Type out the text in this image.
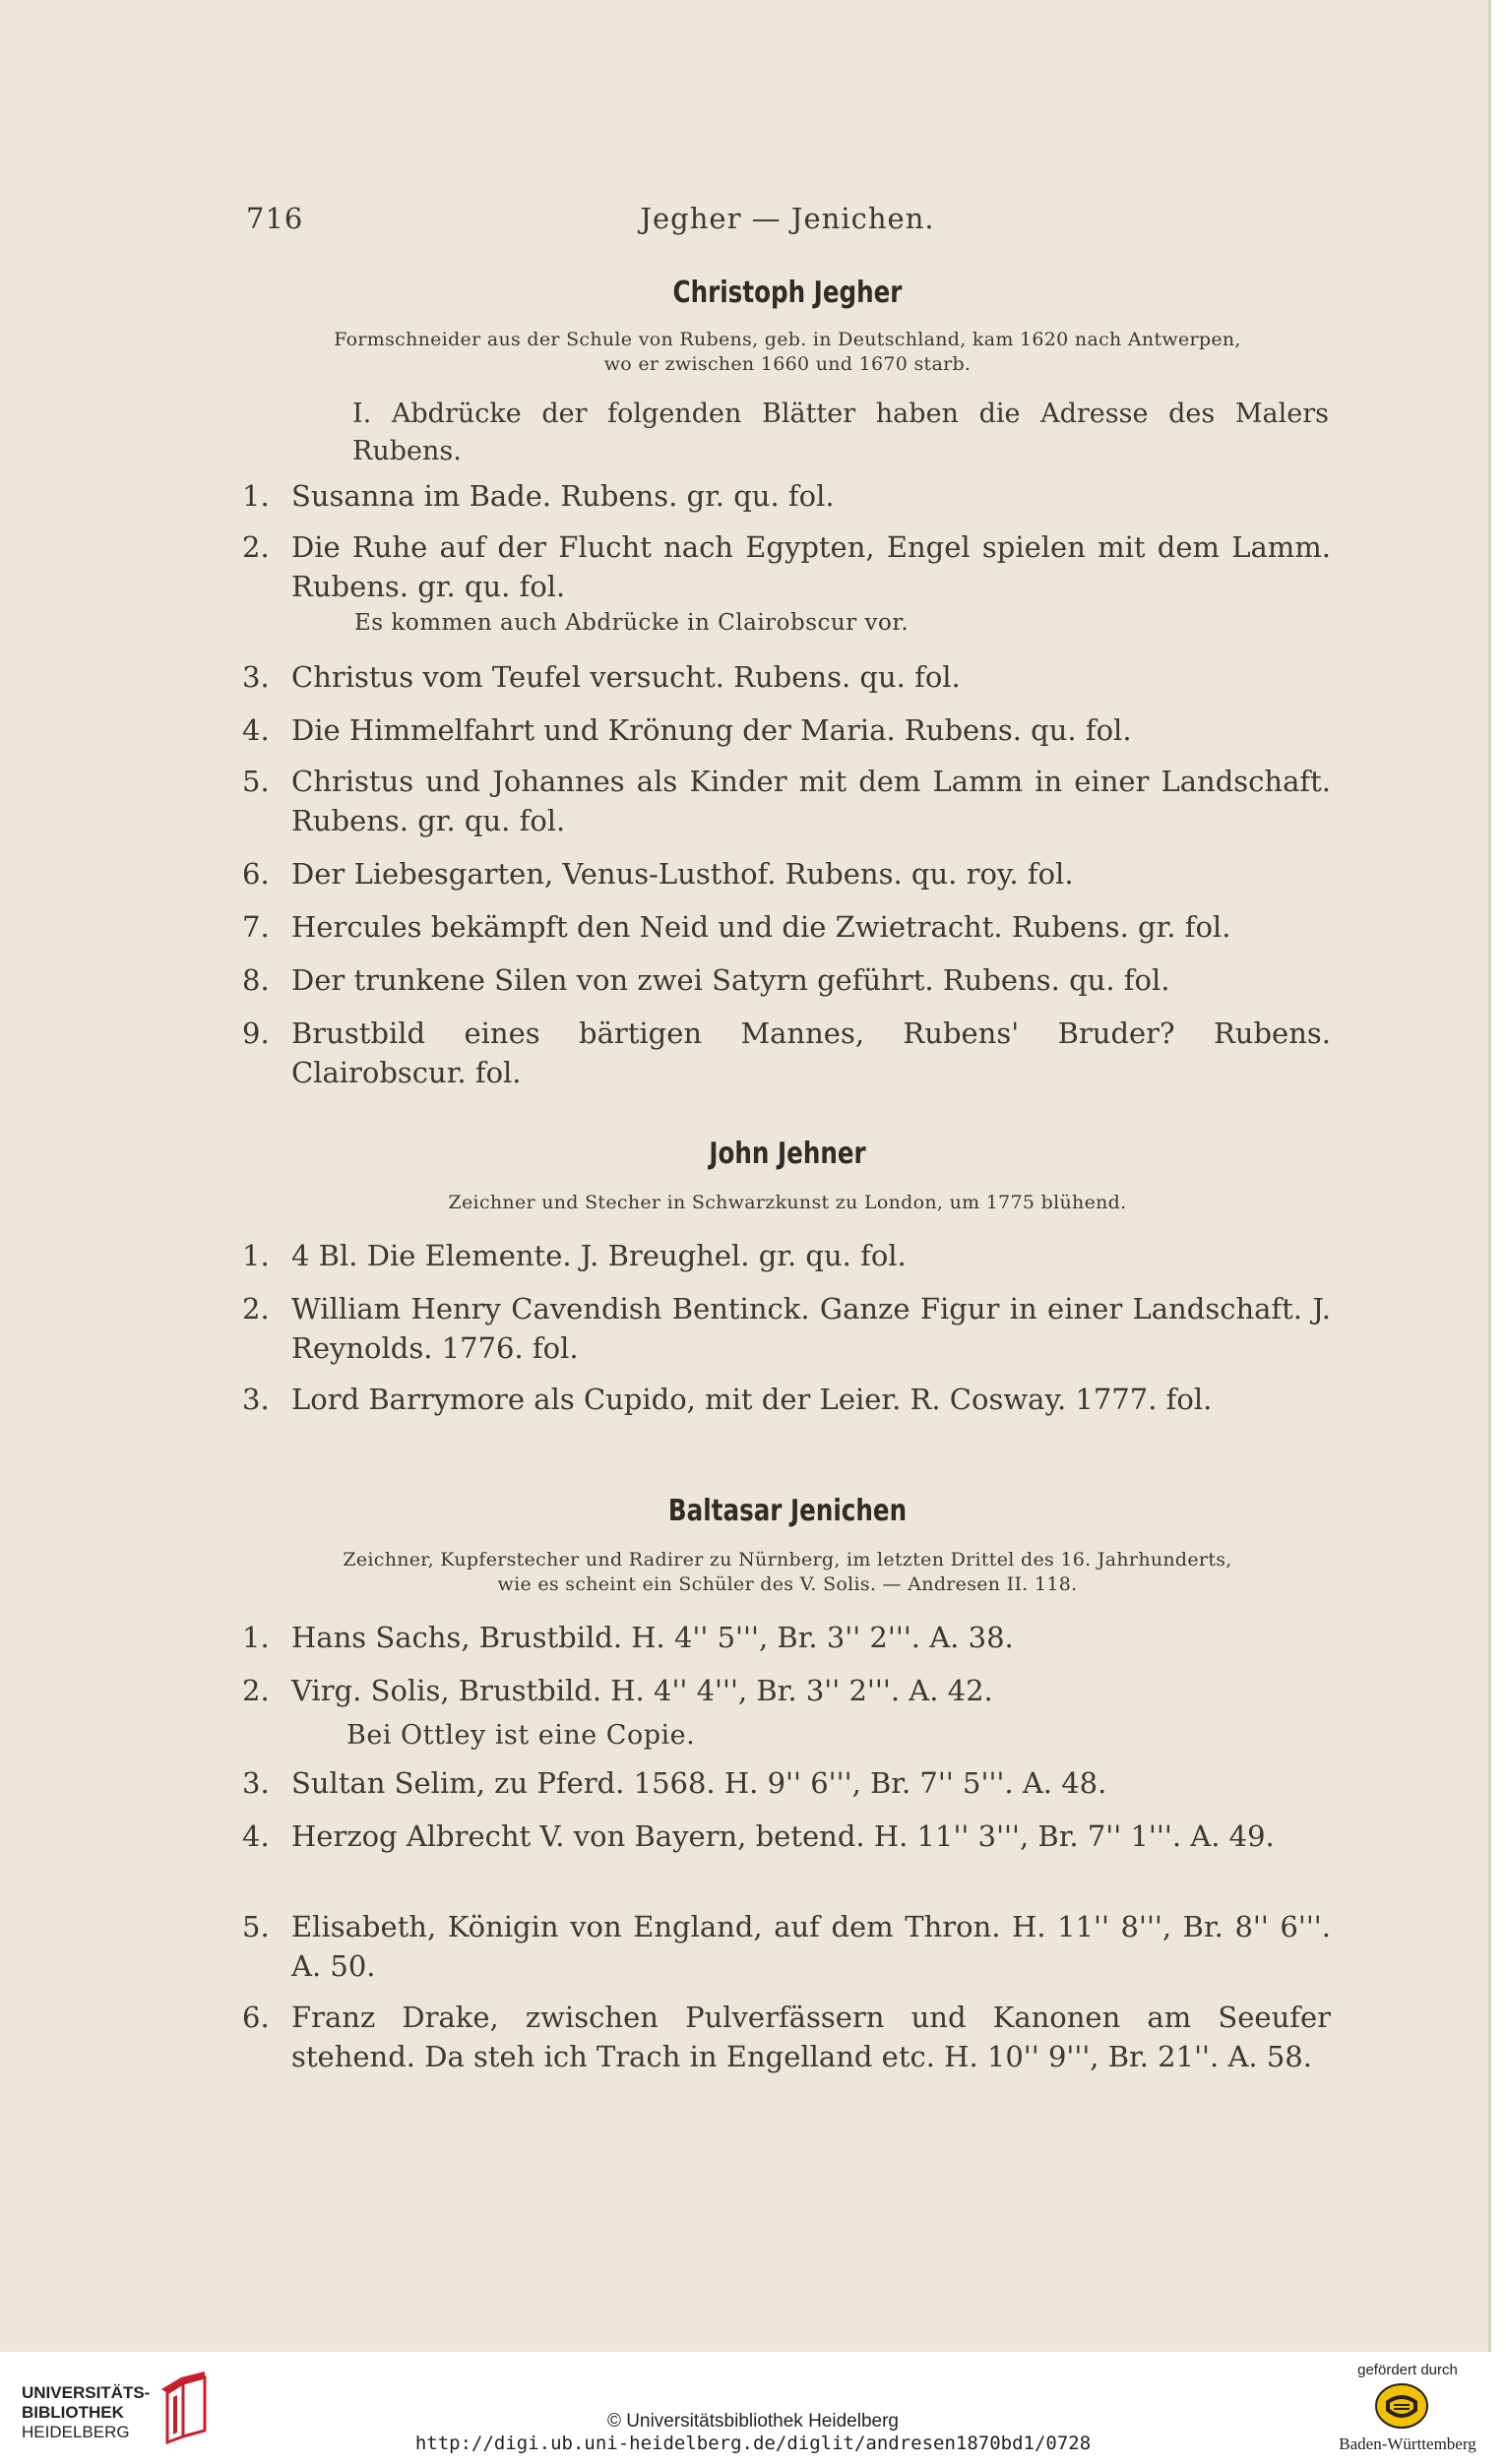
716	Jegher — Jenichen.
Christoph Jegher
Formschneider aus der Schule von Rubens, geb. in Deutschland, kam 1620 nach Antwerpen,
wo er zwischen 1660 und 1670 starb.
I. Abdrücke der folgenden Blätter haben die Adresse des Malers
Rubens.
1. Susanna im Bade. Rubens. gr. qu. fol.
2. Die Ruhe auf der Flucht nach Egypten, Engel spielen mit dem Lamm. Rubens. gr. qu. fol.
Es kommen auch Abdrücke in Clairobscur vor.
3. Christus vom Teufel versucht. Rubens. qu. fol.
4. Die Himmelfahrt und Krönung der Maria. Rubens. qu. fol.
5. Christus und Johannes als Kinder mit dem Lamm in einer Landschaft. Rubens. gr. qu. fol.
6. Der Liebesgarten, Venus-Lusthof. Rubens. qu. roy. fol.
7. Hercules bekämpft den Neid und die Zwietracht. Rubens. gr. fol.
8. Der trunkene Silen von zwei Satyrn geführt. Rubens. qu. fol.
9. Brustbild eines bärtigen Mannes, Rubens' Bruder? Rubens. Clairobscur. fol.
John Jehner
Zeichner und Stecher in Schwarzkunst zu London, um 1775 blühend.
1. 4 Bl. Die Elemente. J. Breughel. gr. qu. fol.
2. William Henry Cavendish Bentinck. Ganze Figur in einer Landschaft. J. Reynolds. 1776. fol.
3. Lord Barrymore als Cupido, mit der Leier. R. Cosway. 1777. fol.
Baltasar Jenichen
Zeichner, Kupferstecher und Radirer zu Nürnberg, im letzten Drittel des 16. Jahrhunderts,
wie es scheint ein Schüler des V. Solis. — Andresen II. 118.
1. Hans Sachs, Brustbild. H. 4'' 5''', Br. 3'' 2'''. A. 38.
2. Virg. Solis, Brustbild. H. 4'' 4''', Br. 3'' 2'''. A. 42.
Bei Ottley ist eine Copie.
3. Sultan Selim, zu Pferd. 1568. H. 9'' 6''', Br. 7'' 5'''. A. 48.
4. Herzog Albrecht V. von Bayern, betend. H. 11'' 3''', Br. 7'' 1'''. A. 49.
5. Elisabeth, Königin von England, auf dem Thron. H. 11'' 8''', Br. 8'' 6'''. A. 50.
6. Franz Drake, zwischen Pulverfässern und Kanonen am Seeufer stehend. Da steh ich Trach in Engelland etc. H. 10'' 9''', Br. 21''. A. 58.
UNIVERSITÄTS-
BIBLIOTHEK
HEIDELBERG
© Universitätsbibliothek Heidelberg
http://digi.ub.uni-heidelberg.de/diglit/andresen1870bd1/0728
gefördert durch
Baden-Württemberg
